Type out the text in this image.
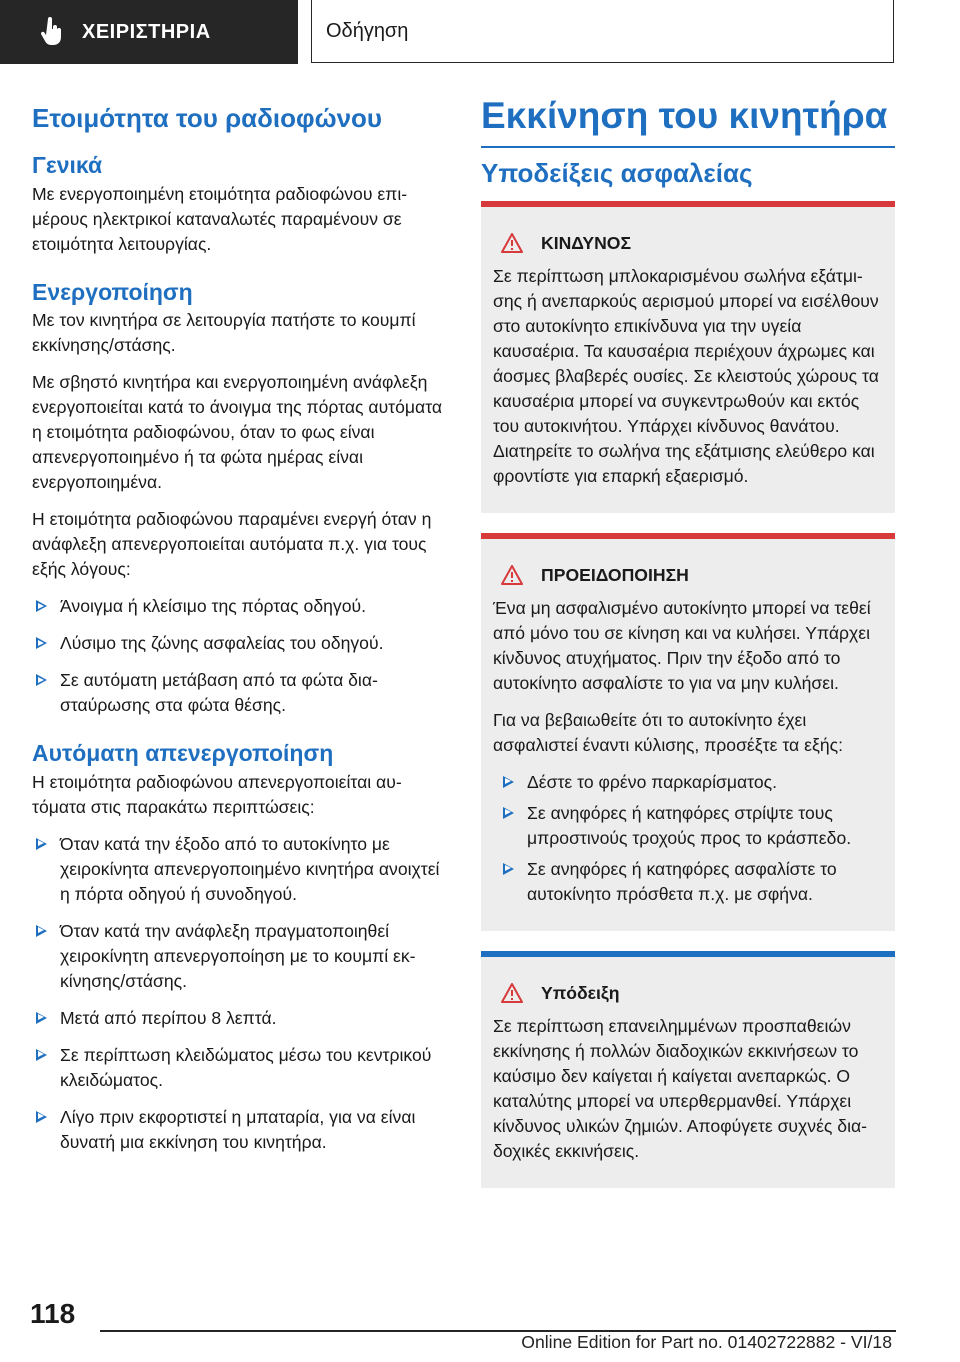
ΧΕΙΡΙΣΤΗΡΙΑ	Οδήγηση
Ετοιμότητα του ραδιοφώνου
Γενικά

Με ενεργοποιημένη ετοιμότητα ραδιοφώνου επιμέρους ηλεκτρικοί καταναλωτές παραμένουν σε ετοιμότητα λειτουργίας.

Ενεργοποίηση

Με τον κινητήρα σε λειτουργία πατήστε το κουμπί εκκίνησης/στάσης.

Με σβηστό κινητήρα και ενεργοποιημένη ανάφλεξη ενεργοποιείται κατά το άνοιγμα της πόρτας αυτόματα η ετοιμότητα ραδιοφώνου, όταν το φως είναι απενεργοποιημένο ή τα φώτα ημέρας είναι ενεργοποιημένα.

Η ετοιμότητα ραδιοφώνου παραμένει ενεργή όταν η ανάφλεξη απενεργοποιείται αυτόματα π.χ. για τους εξής λόγους:

Άνοιγμα ή κλείσιμο της πόρτας οδηγού.
Λύσιμο της ζώνης ασφαλείας του οδηγού.
Σε αυτόματη μετάβαση από τα φώτα διασταύρωσης στα φώτα θέσης.
Αυτόματη απενεργοποίηση

Η ετοιμότητα ραδιοφώνου απενεργοποιείται αυτόματα στις παρακάτω περιπτώσεις:

Όταν κατά την έξοδο από το αυτοκίνητο με χειροκίνητα απενεργοποιημένο κινητήρα ανοιχτεί η πόρτα οδηγού ή συνοδηγού.
Όταν κατά την ανάφλεξη πραγματοποιηθεί χειροκίνητη απενεργοποίηση με το κουμπί εκκίνησης/στάσης.
Μετά από περίπου 8 λεπτά.
Σε περίπτωση κλειδώματος μέσω του κεντρικού κλειδώματος.
Λίγο πριν εκφορτιστεί η μπαταρία, για να είναι δυνατή μια εκκίνηση του κινητήρα.
Εκκίνηση του κινητήρα
Υποδείξεις ασφαλείας
ΚΙΝΔΥΝΟΣ

Σε περίπτωση μπλοκαρισμένου σωλήνα εξάτμισης ή ανεπαρκούς αερισμού μπορεί να εισέλθουν στο αυτοκίνητο επικίνδυνα για την υγεία καυσαέρια. Τα καυσαέρια περιέχουν άχρωμες και άοσμες βλαβερές ουσίες. Σε κλειστούς χώρους τα καυσαέρια μπορεί να συγκεντρωθούν και εκτός του αυτοκινήτου. Υπάρχει κίνδυνος θανάτου. Διατηρείτε το σωλήνα της εξάτμισης ελεύθερο και φροντίστε για επαρκή εξαερισμό.

ΠΡΟΕΙΔΟΠΟΙΗΣΗ

Ένα μη ασφαλισμένο αυτοκίνητο μπορεί να τεθεί από μόνο του σε κίνηση και να κυλήσει. Υπάρχει κίνδυνος ατυχήματος. Πριν την έξοδο από το αυτοκίνητο ασφαλίστε το για να μην κυλήσει.

Για να βεβαιωθείτε ότι το αυτοκίνητο έχει ασφαλιστεί έναντι κύλισης, προσέξτε τα εξής:

Δέστε το φρένο παρκαρίσματος.
Σε ανηφόρες ή κατηφόρες στρίψτε τους μπροστινούς τροχούς προς το κράσπεδο.
Σε ανηφόρες ή κατηφόρες ασφαλίστε το αυτοκίνητο πρόσθετα π.χ. με σφήνα.
Υπόδειξη

Σε περίπτωση επανειλημμένων προσπαθειών εκκίνησης ή πολλών διαδοχικών εκκινήσεων το καύσιμο δεν καίγεται ή καίγεται ανεπαρκώς. Ο καταλύτης μπορεί να υπερθερμανθεί. Υπάρχει κίνδυνος υλικών ζημιών. Αποφύγετε συχνές διαδοχικές εκκινήσεις.

118
Online Edition for Part no. 01402722882 - VI/18
